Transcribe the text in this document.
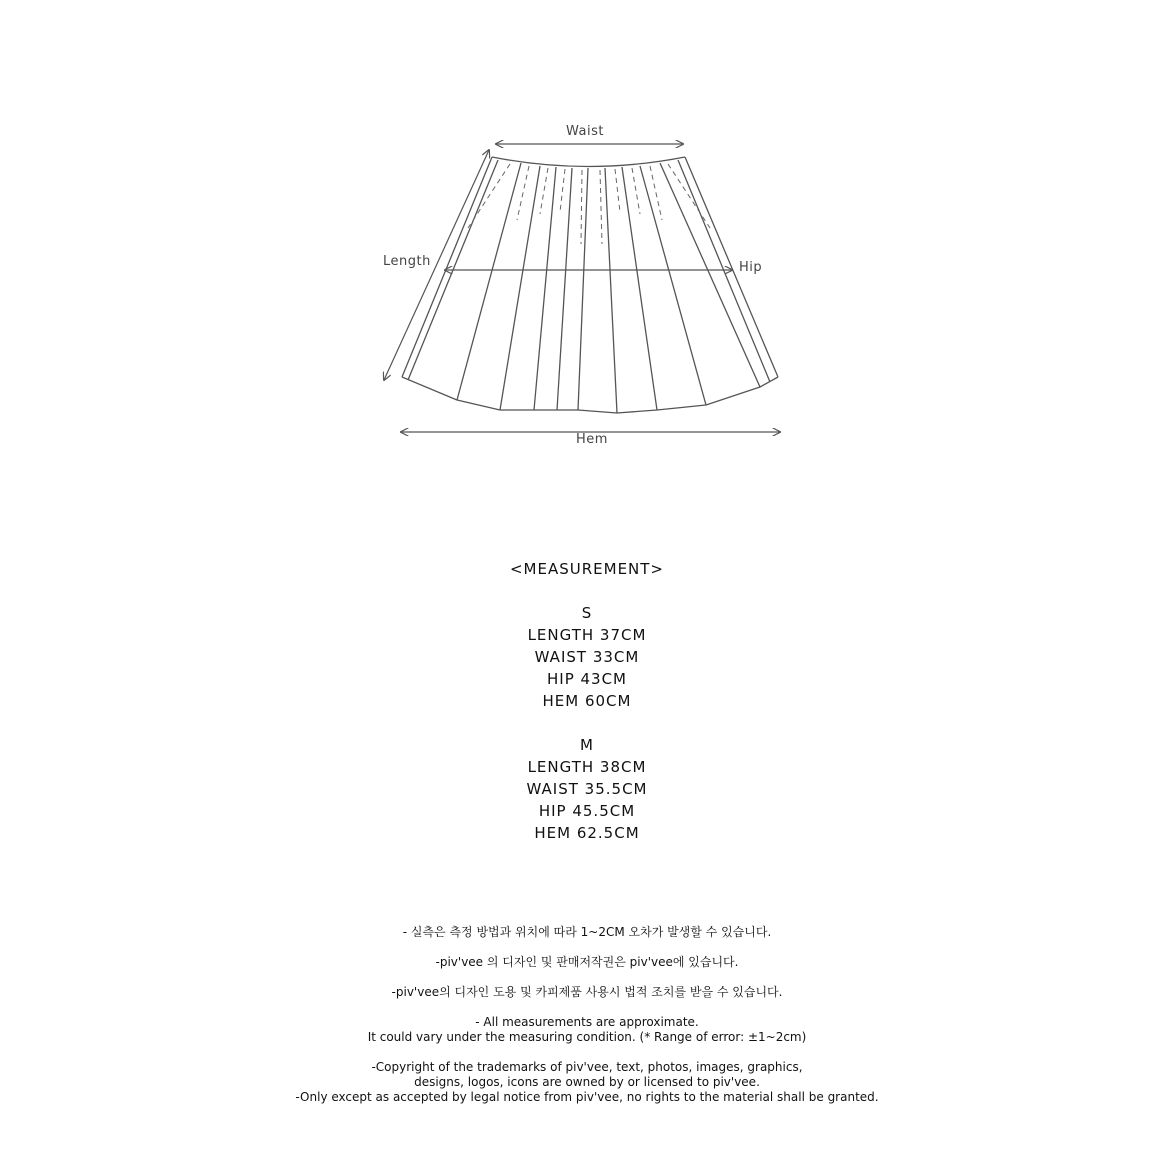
Waist
Length	Hip
Hem
<MEASUREMENT>
S
LENGTH 37CM
WAIST 33CM
HIP 43CM
HEM 60CM
M
LENGTH 38CM
WAIST 35.5CM
HIP 45.5CM
HEM 62.5CM
- 실측은 측정 방법과 위치에 따라 1~2CM 오차가 발생할 수 있습니다.
-piv'vee 의 디자인 및 판매저작권은 piv'vee에 있습니다.
-piv'vee의 디자인 도용 및 카피제품 사용시 법적 조치를 받을 수 있습니다.
- All measurements are approximate.
It could vary under the measuring condition. (* Range of error: ±1~2cm)
-Copyright of the trademarks of piv'vee, text, photos, images, graphics,
designs, logos, icons are owned by or licensed to piv'vee.
-Only except as accepted by legal notice from piv'vee, no rights to the material shall be granted.
